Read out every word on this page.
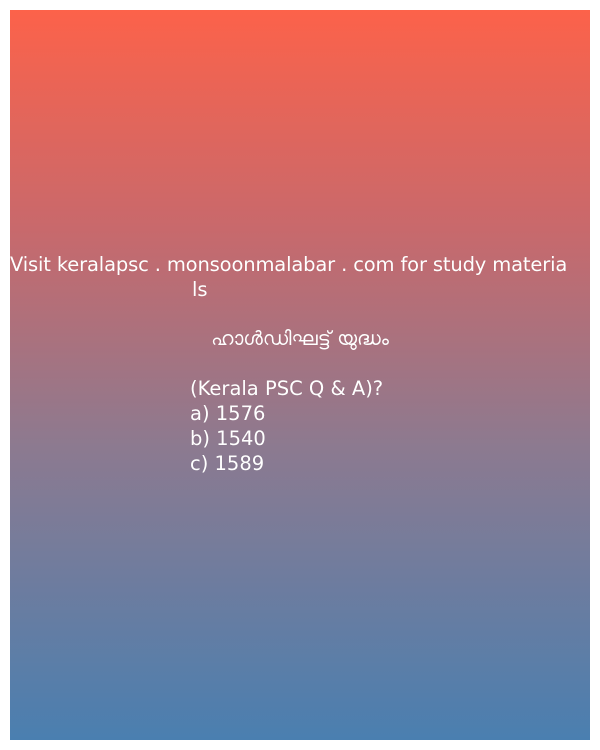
Visit keralapsc . monsoonmalabar . com for study materia
ls
ഹാൾഡിഘട്ട് യുദ്ധം
(Kerala PSC Q & A)?
a) 1576
b) 1540
c) 1589
